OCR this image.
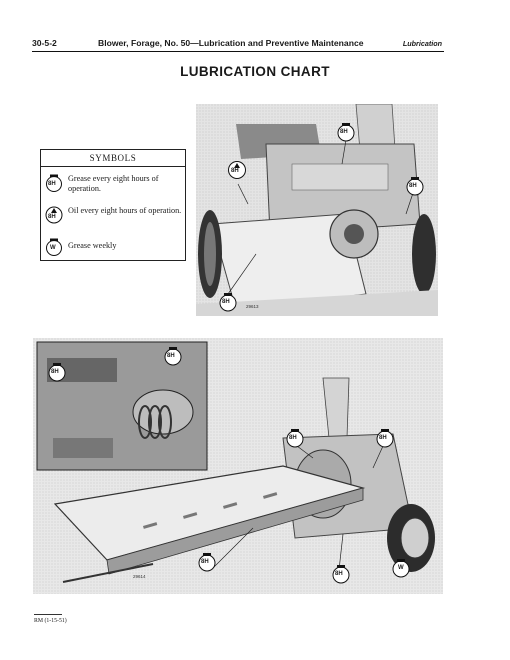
30-5-2	Blower, Forage, No. 50—Lubrication and Preventive Maintenance	Lubrication
LUBRICATION CHART
8H
8H
8H
8H
29613
SYMBOLS
8H
Grease every eight hours of operation.
8H
Oil every eight hours of operation.
W Grease weekly
8H
8H
8H	8H
8H
8H
W
29614
RM (1-15-51)
